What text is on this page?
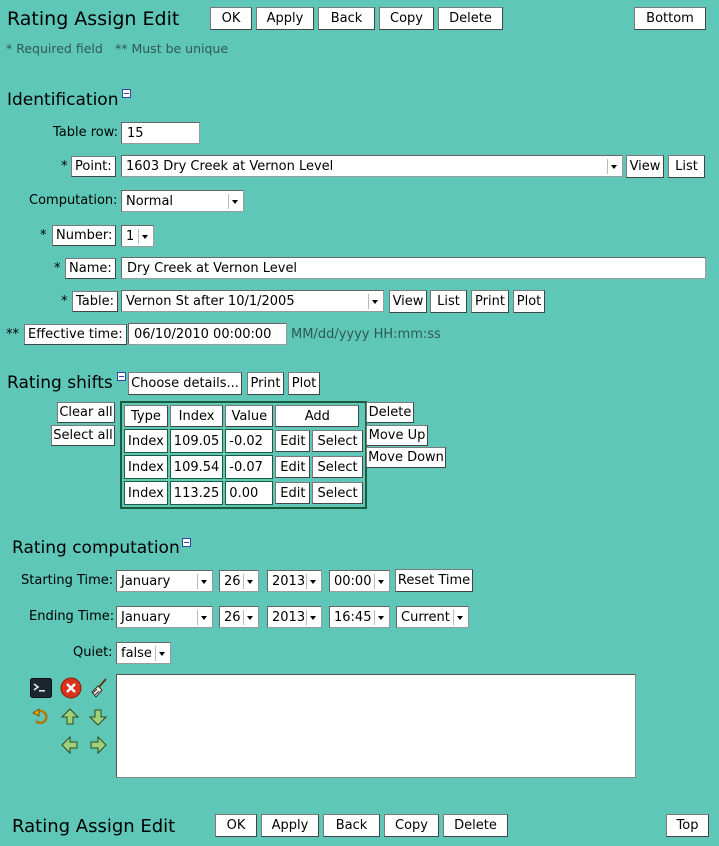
Rating Assign Edit	OK	Apply	Back	Copy	Delete	Bottom
* Required field ** Must be unique
Identification
Table row: 15
* Point:	1603 Dry Creek at Vernon Level	View	List
Computation: Normal
* Number:	1
* Name:	Dry Creek at Vernon Level
* Table: Vernon St after 10/1/2005	View	List	Print Plot
** Effective time: 06/10/2010 00:00:00	MM/dd/yyyy HH:mm:ss
Rating shifts Choose details... Print Plot
Clear all
Select all
Type	Index	Value	Add	

Index	109.05	-0.02	Edit	Select

Index	109.54	-0.07	Edit	Select

Index	113.25	0.00	Edit	Select
Delete
Move Up
Move Down
Rating computation
Starting Time: January	26 2013 00:00 Reset Time
Ending Time: January	26 2013 16:45 Current
Quiet: false
Rating Assign Edit	OK	Apply	Back	Copy	Delete	Top
